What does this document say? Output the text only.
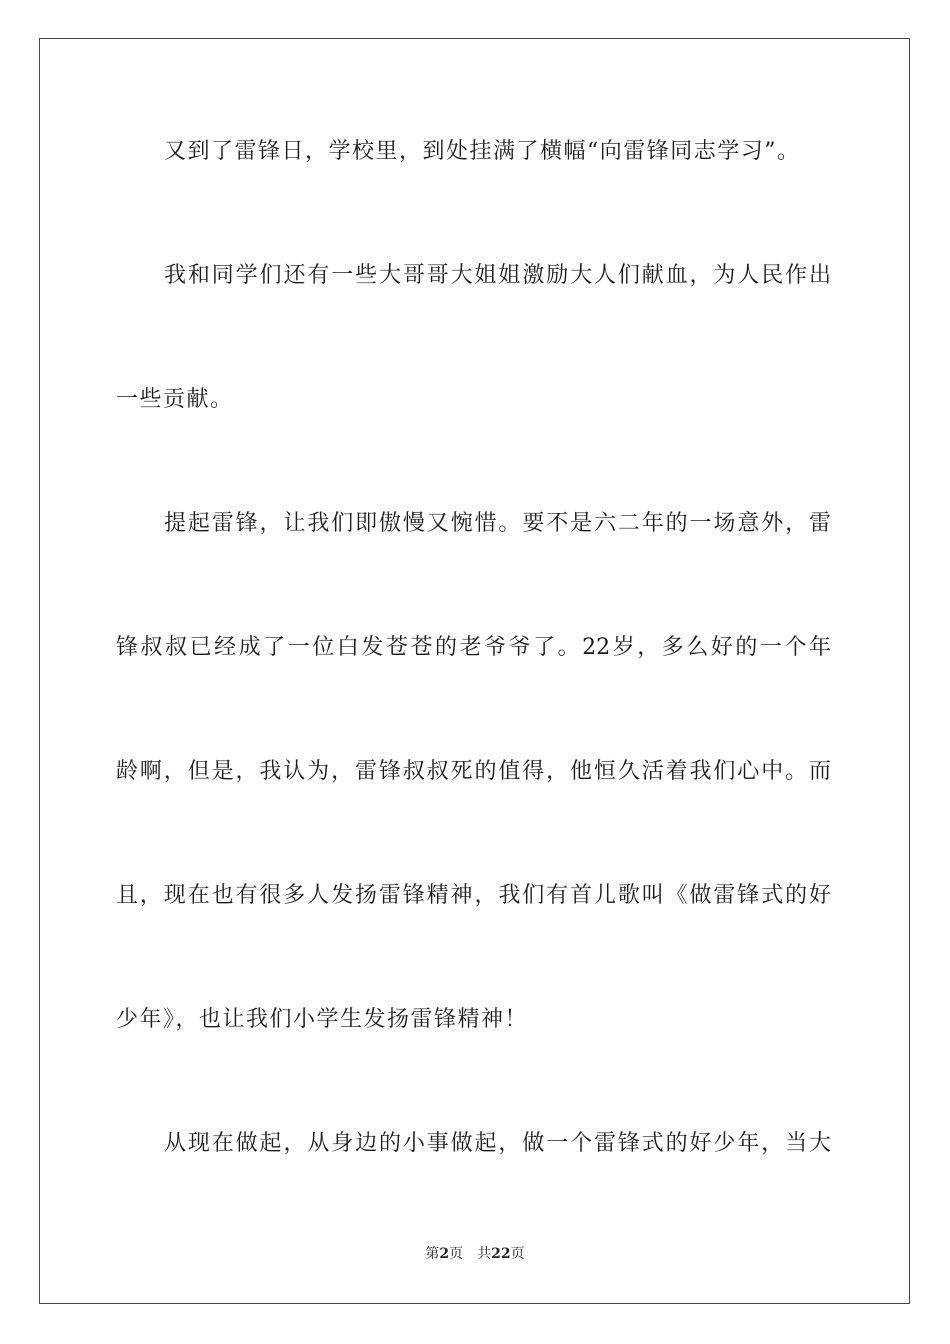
又到了雷锋日，学校里，到处挂满了横幅“向雷锋同志学习”。
我和同学们还有一些大哥哥大姐姐激励大人们献血，为人民作出
一些贡献。
提起雷锋，让我们即傲慢又惋惜。要不是六二年的一场意外，雷
锋叔叔已经成了一位白发苍苍的老爷爷了。22岁，多么好的一个年
龄啊，但是，我认为，雷锋叔叔死的值得，他恒久活着我们心中。而
且，现在也有很多人发扬雷锋精神，我们有首儿歌叫《做雷锋式的好
少年》，也让我们小学生发扬雷锋精神！
从现在做起，从身边的小事做起，做一个雷锋式的好少年，当大
第2页 共22页
